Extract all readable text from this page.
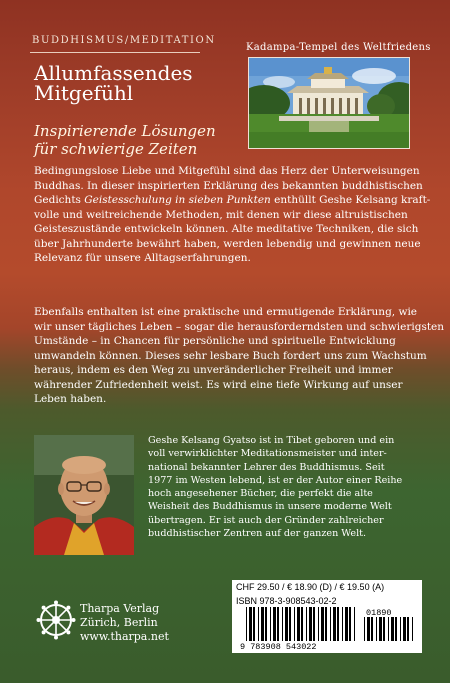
BUDDHISMUS/MEDITATION
Allumfassendes
Mitgefühl
Inspirierende Lösungen
für schwierige Zeiten
Kadampa-Tempel des Weltfriedens
Bedingungslose Liebe und Mitgefühl sind das Herz der Unterweisungen
Buddhas. In dieser inspirierten Erklärung des bekannten buddhistischen
Gedichts Geistesschulung in sieben Punkten enthüllt Geshe Kelsang kraft-
volle und weitreichende Methoden, mit denen wir diese altruistischen
Geisteszustände entwickeln können. Alte meditative Techniken, die sich
über Jahrhunderte bewährt haben, werden lebendig und gewinnen neue
Relevanz für unsere Alltagserfahrungen.
Ebenfalls enthalten ist eine praktische und ermutigende Erklärung, wie
wir unser tägliches Leben – sogar die herausforderndsten und schwierigsten
Umstände – in Chancen für persönliche und spirituelle Entwicklung
umwandeln können. Dieses sehr lesbare Buch fordert uns zum Wachstum
heraus, indem es den Weg zu unveränderlicher Freiheit und immer
währender Zufriedenheit weist. Es wird eine tiefe Wirkung auf unser
Leben haben.
Geshe Kelsang Gyatso ist in Tibet geboren und ein
voll verwirklichter Meditationsmeister und inter-
national bekannter Lehrer des Buddhismus. Seit
1977 im Westen lebend, ist er der Autor einer Reihe
hoch angesehener Bücher, die perfekt die alte
Weisheit des Buddhismus in unsere moderne Welt
übertragen. Er ist auch der Gründer zahlreicher
buddhistischer Zentren auf der ganzen Welt.
Tharpa Verlag
Zürich, Berlin
www.tharpa.net
CHF 29.50 / € 18.90 (D) / € 19.50 (A)
ISBN 978-3-908543-02-2
9 783908 543022
01890
